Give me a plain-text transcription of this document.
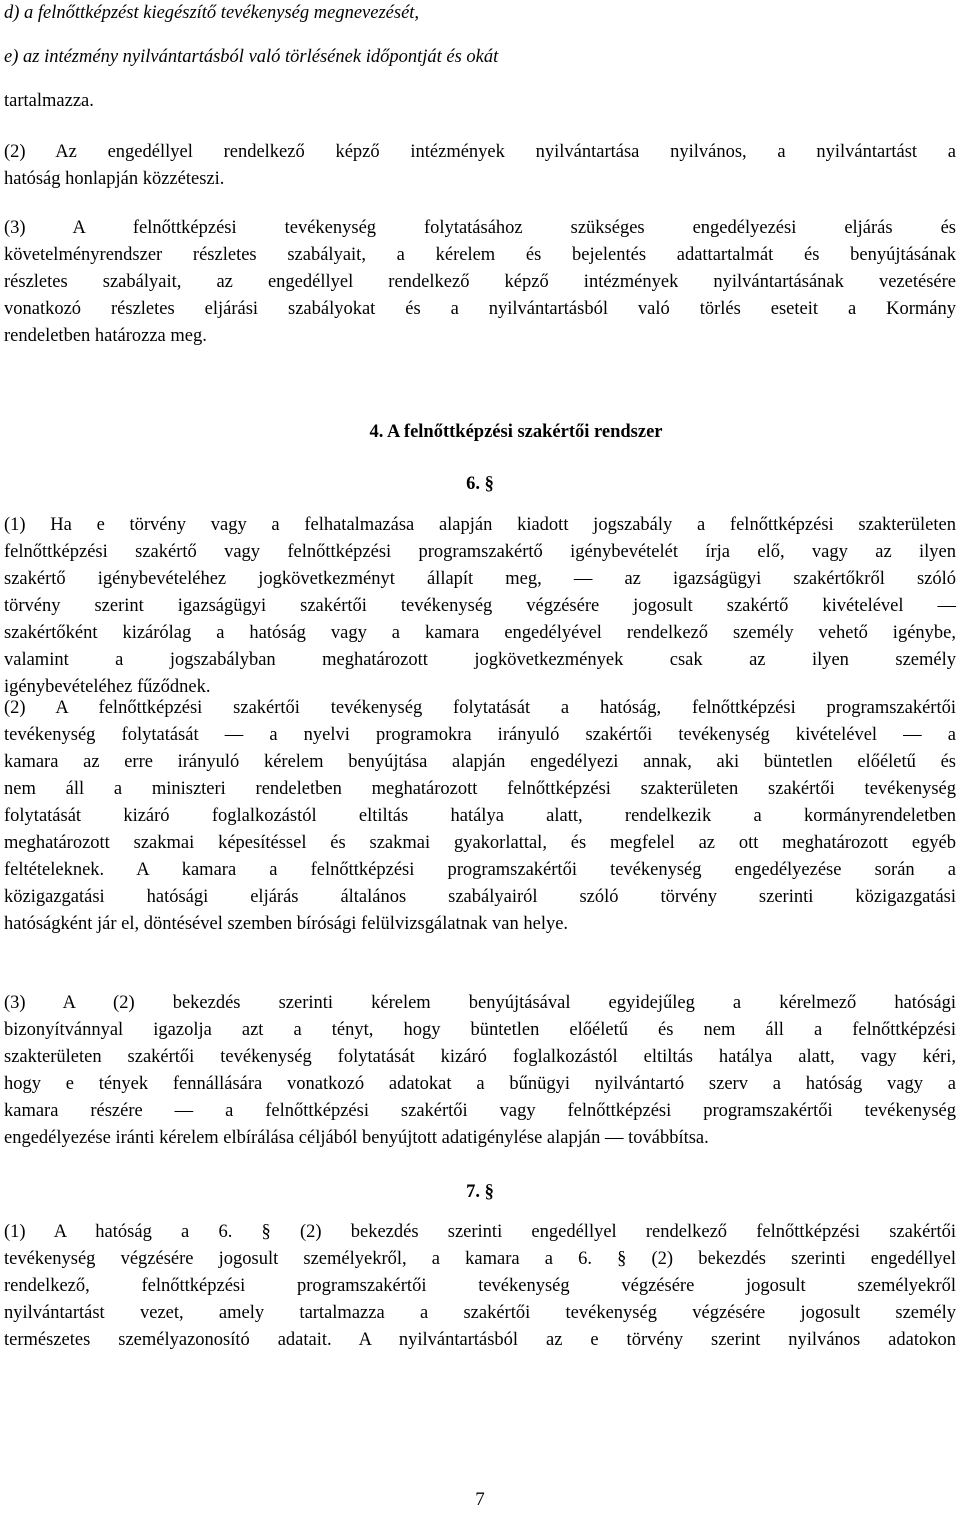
d) a felnőttképzést kiegészítő tevékenység megnevezését,
e) az intézmény nyilvántartásból való törlésének időpontját és okát
tartalmazza.

(2) Az engedéllyel rendelkező képző intézmények nyilvántartása nyilvános, a nyilvántartást a
hatóság honlapján közzéteszi.

(3) A felnőttképzési tevékenység folytatásához szükséges engedélyezési eljárás és
követelményrendszer részletes szabályait, a kérelem és bejelentés adattartalmát és benyújtásának
részletes szabályait, az engedéllyel rendelkező képző intézmények nyilvántartásának vezetésére
vonatkozó részletes eljárási szabályokat és a nyilvántartásból való törlés eseteit a Kormány
rendeletben határozza meg.

4. A felnőttképzési szakértői rendszer
6. §

(1) Ha e törvény vagy a felhatalmazása alapján kiadott jogszabály a felnőttképzési szakterületen
felnőttképzési szakértő vagy felnőttképzési programszakértő igénybevételét írja elő, vagy az ilyen
szakértő igénybevételéhez jogkövetkezményt állapít meg, — az igazságügyi szakértőkről szóló
törvény szerint igazságügyi szakértői tevékenység végzésére jogosult szakértő kivételével —
szakértőként kizárólag a hatóság vagy a kamara engedélyével rendelkező személy vehető igénybe,
valamint a jogszabályban meghatározott jogkövetkezmények csak az ilyen személy
igénybevételéhez fűződnek.

(2) A felnőttképzési szakértői tevékenység folytatását a hatóság, felnőttképzési programszakértői
tevékenység folytatását — a nyelvi programokra irányuló szakértői tevékenység kivételével — a
kamara az erre irányuló kérelem benyújtása alapján engedélyezi annak, aki büntetlen előéletű és
nem áll a miniszteri rendeletben meghatározott felnőttképzési szakterületen szakértői tevékenység
folytatását kizáró foglalkozástól eltiltás hatálya alatt, rendelkezik a kormányrendeletben
meghatározott szakmai képesítéssel és szakmai gyakorlattal, és megfelel az ott meghatározott egyéb
feltételeknek. A kamara a felnőttképzési programszakértői tevékenység engedélyezése során a
közigazgatási hatósági eljárás általános szabályairól szóló törvény szerinti közigazgatási
hatóságként jár el, döntésével szemben bírósági felülvizsgálatnak van helye.

(3) A (2) bekezdés szerinti kérelem benyújtásával egyidejűleg a kérelmező hatósági
bizonyítvánnyal igazolja azt a tényt, hogy büntetlen előéletű és nem áll a felnőttképzési
szakterületen szakértői tevékenység folytatását kizáró foglalkozástól eltiltás hatálya alatt, vagy kéri,
hogy e tények fennállására vonatkozó adatokat a bűnügyi nyilvántartó szerv a hatóság vagy a
kamara részére — a felnőttképzési szakértői vagy felnőttképzési programszakértői tevékenység
engedélyezése iránti kérelem elbírálása céljából benyújtott adatigénylése alapján — továbbítsa.

7. §

(1) A hatóság a 6. § (2) bekezdés szerinti engedéllyel rendelkező felnőttképzési szakértői
tevékenység végzésére jogosult személyekről, a kamara a 6. § (2) bekezdés szerinti engedéllyel
rendelkező, felnőttképzési programszakértői tevékenység végzésére jogosult személyekről
nyilvántartást vezet, amely tartalmazza a szakértői tevékenység végzésére jogosult személy
természetes személyazonosító adatait. A nyilvántartásból az e törvény szerint nyilvános adatokon

7
